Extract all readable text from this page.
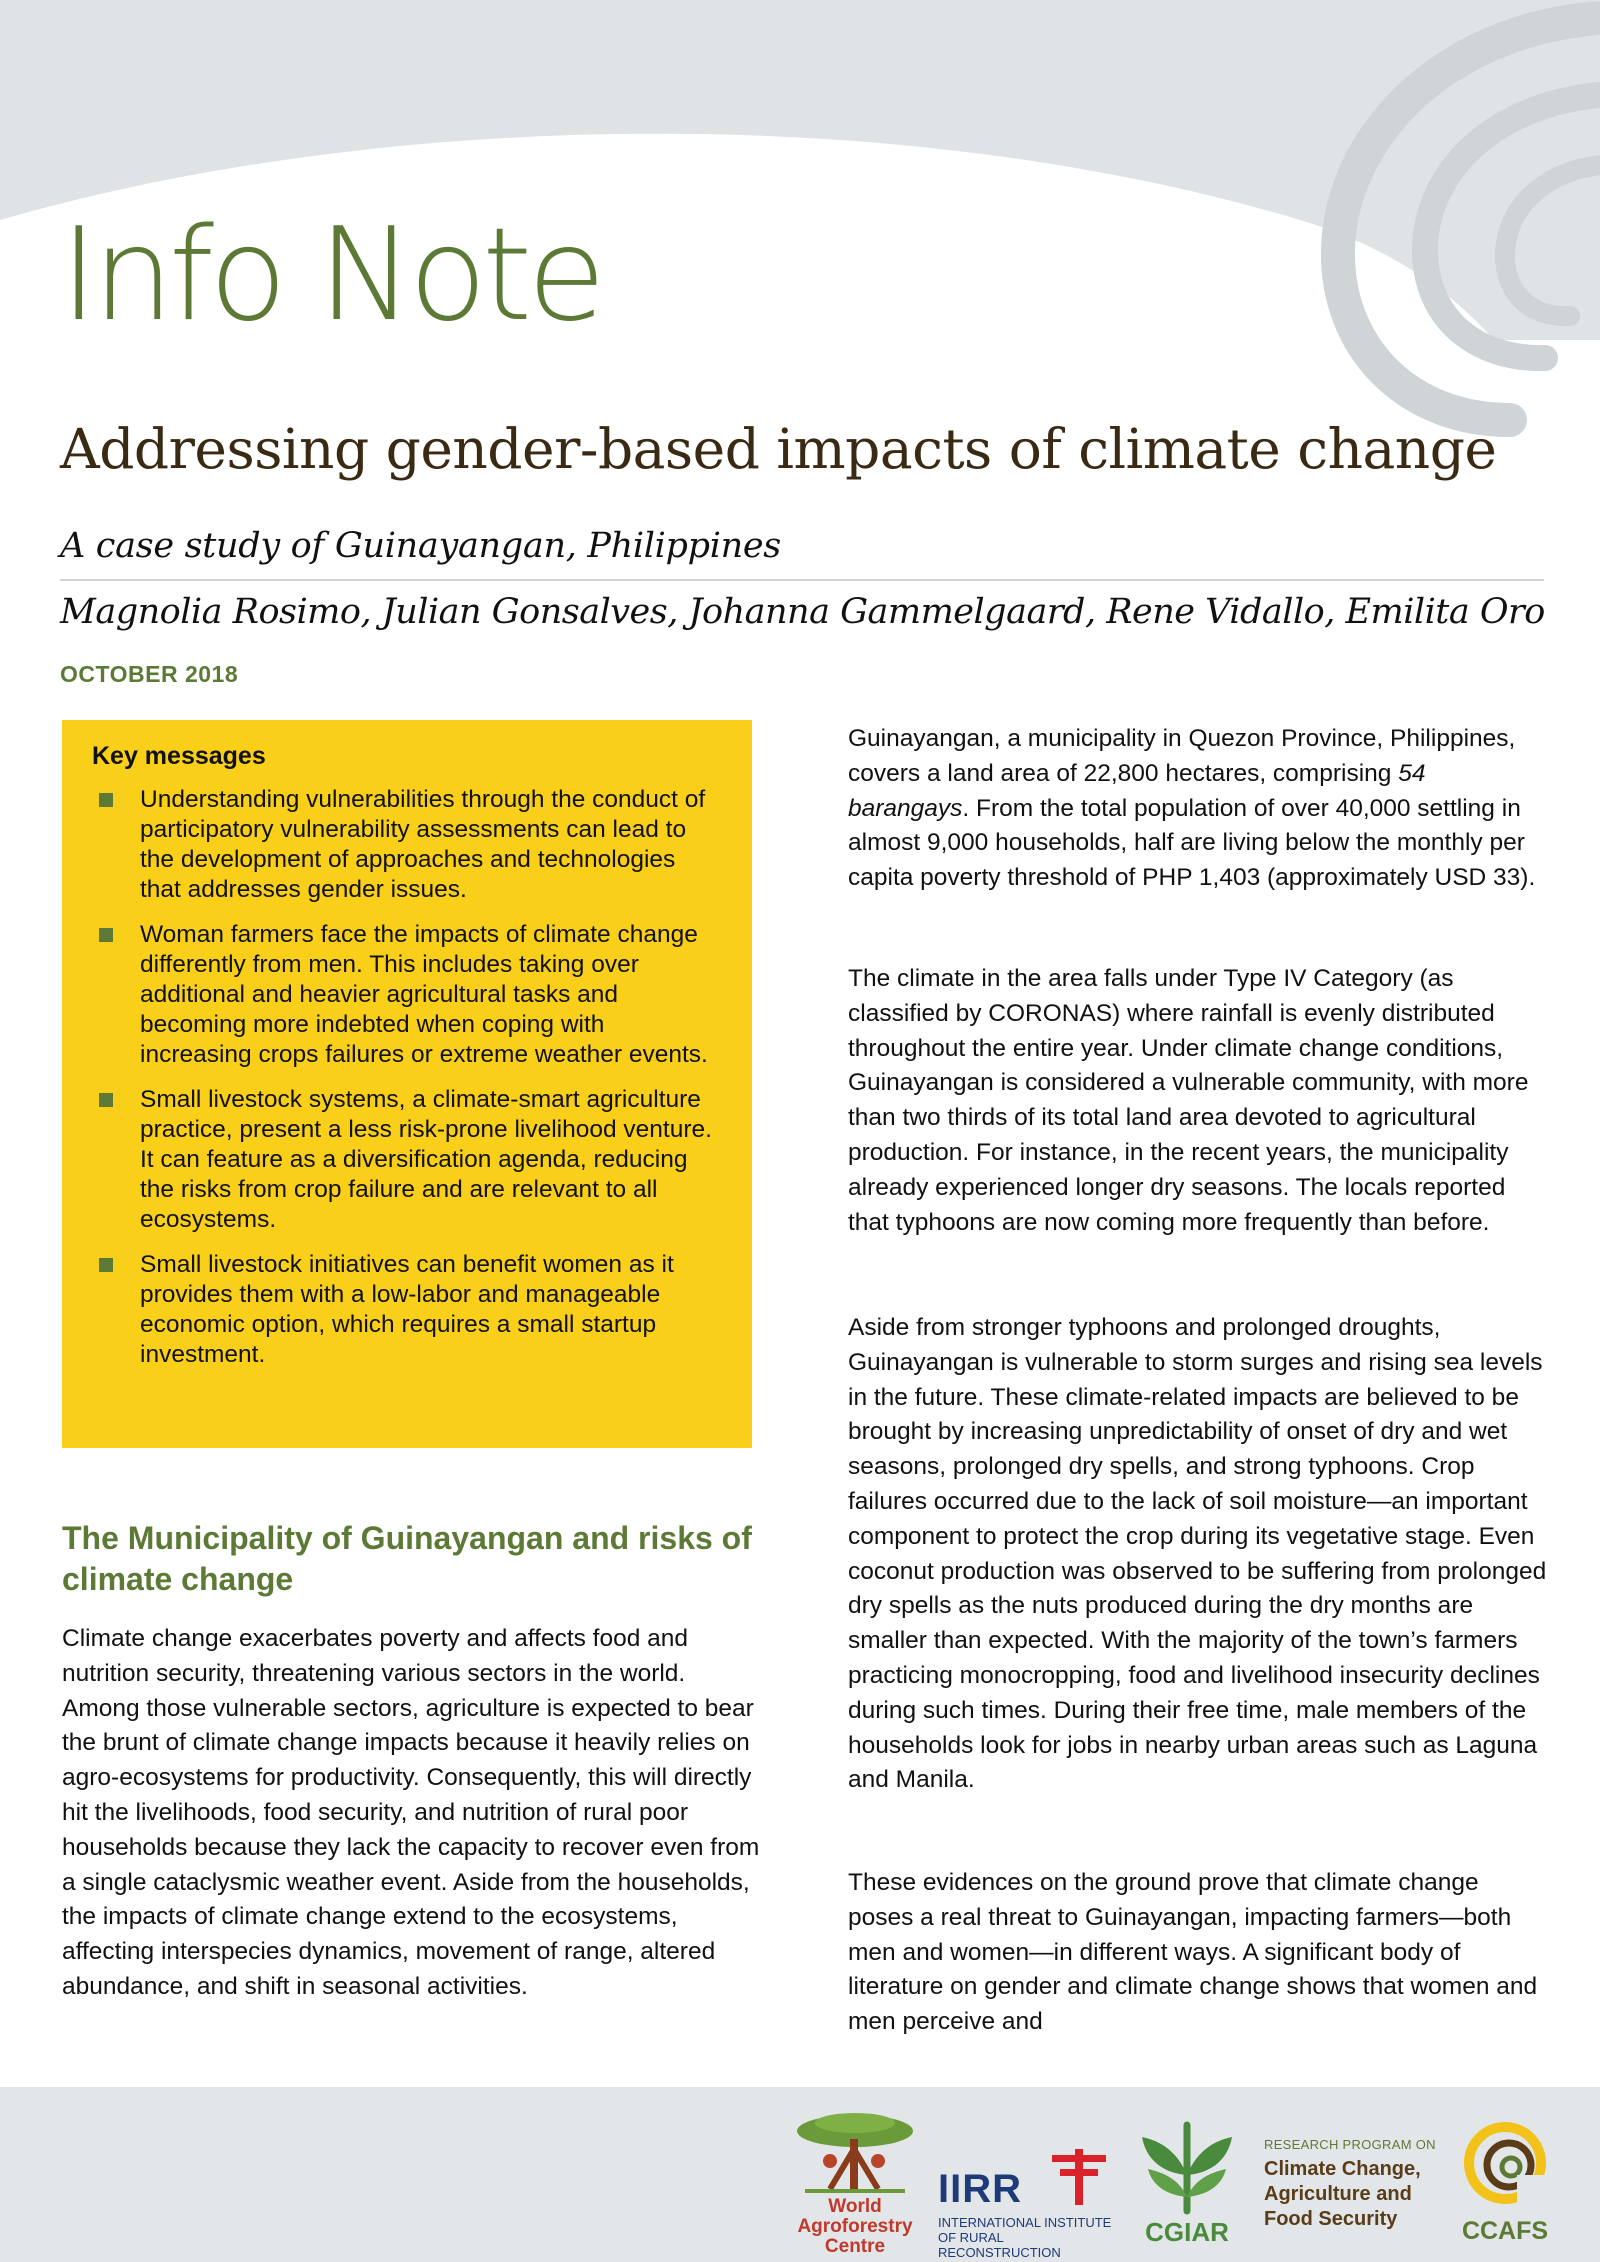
Info Note
Addressing gender-based impacts of climate change
A case study of Guinayangan, Philippines
Magnolia Rosimo, Julian Gonsalves, Johanna Gammelgaard, Rene Vidallo, Emilita Oro
OCTOBER 2018
Key messages
Understanding vulnerabilities through the conduct of participatory vulnerability assessments can lead to the development of approaches and technologies that addresses gender issues.
Woman farmers face the impacts of climate change differently from men. This includes taking over additional and heavier agricultural tasks and becoming more indebted when coping with increasing crops failures or extreme weather events.
Small livestock systems, a climate-smart agriculture practice, present a less risk-prone livelihood venture. It can feature as a diversification agenda, reducing the risks from crop failure and are relevant to all ecosystems.
Small livestock initiatives can benefit women as it provides them with a low-labor and manageable economic option, which requires a small startup investment.
The Municipality of Guinayangan and risks of climate change
Climate change exacerbates poverty and affects food and nutrition security, threatening various sectors in the world. Among those vulnerable sectors, agriculture is expected to bear the brunt of climate change impacts because it heavily relies on agro-ecosystems for productivity. Consequently, this will directly hit the livelihoods, food security, and nutrition of rural poor households because they lack the capacity to recover even from a single cataclysmic weather event. Aside from the households, the impacts of climate change extend to the ecosystems, affecting interspecies dynamics, movement of range, altered abundance, and shift in seasonal activities.
Guinayangan, a municipality in Quezon Province, Philippines, covers a land area of 22,800 hectares, comprising 54 barangays. From the total population of over 40,000 settling in almost 9,000 households, half are living below the monthly per capita poverty threshold of PHP 1,403 (approximately USD 33).
The climate in the area falls under Type IV Category (as classified by CORONAS) where rainfall is evenly distributed throughout the entire year. Under climate change conditions, Guinayangan is considered a vulnerable community, with more than two thirds of its total land area devoted to agricultural production. For instance, in the recent years, the municipality already experienced longer dry seasons. The locals reported that typhoons are now coming more frequently than before.
Aside from stronger typhoons and prolonged droughts, Guinayangan is vulnerable to storm surges and rising sea levels in the future. These climate-related impacts are believed to be brought by increasing unpredictability of onset of dry and wet seasons, prolonged dry spells, and strong typhoons. Crop failures occurred due to the lack of soil moisture—an important component to protect the crop during its vegetative stage. Even coconut production was observed to be suffering from prolonged dry spells as the nuts produced during the dry months are smaller than expected. With the majority of the town’s farmers practicing monocropping, food and livelihood insecurity declines during such times. During their free time, male members of the households look for jobs in nearby urban areas such as Laguna and Manila.
These evidences on the ground prove that climate change poses a real threat to Guinayangan, impacting farmers—both men and women—in different ways. A significant body of literature on gender and climate change shows that women and men perceive and
World
Agroforestry
Centre
IIRR
INTERNATIONAL INSTITUTE
OF RURAL RECONSTRUCTION
CGIAR
RESEARCH PROGRAM ON
Climate Change,
Agriculture and
Food Security	CCAFS
